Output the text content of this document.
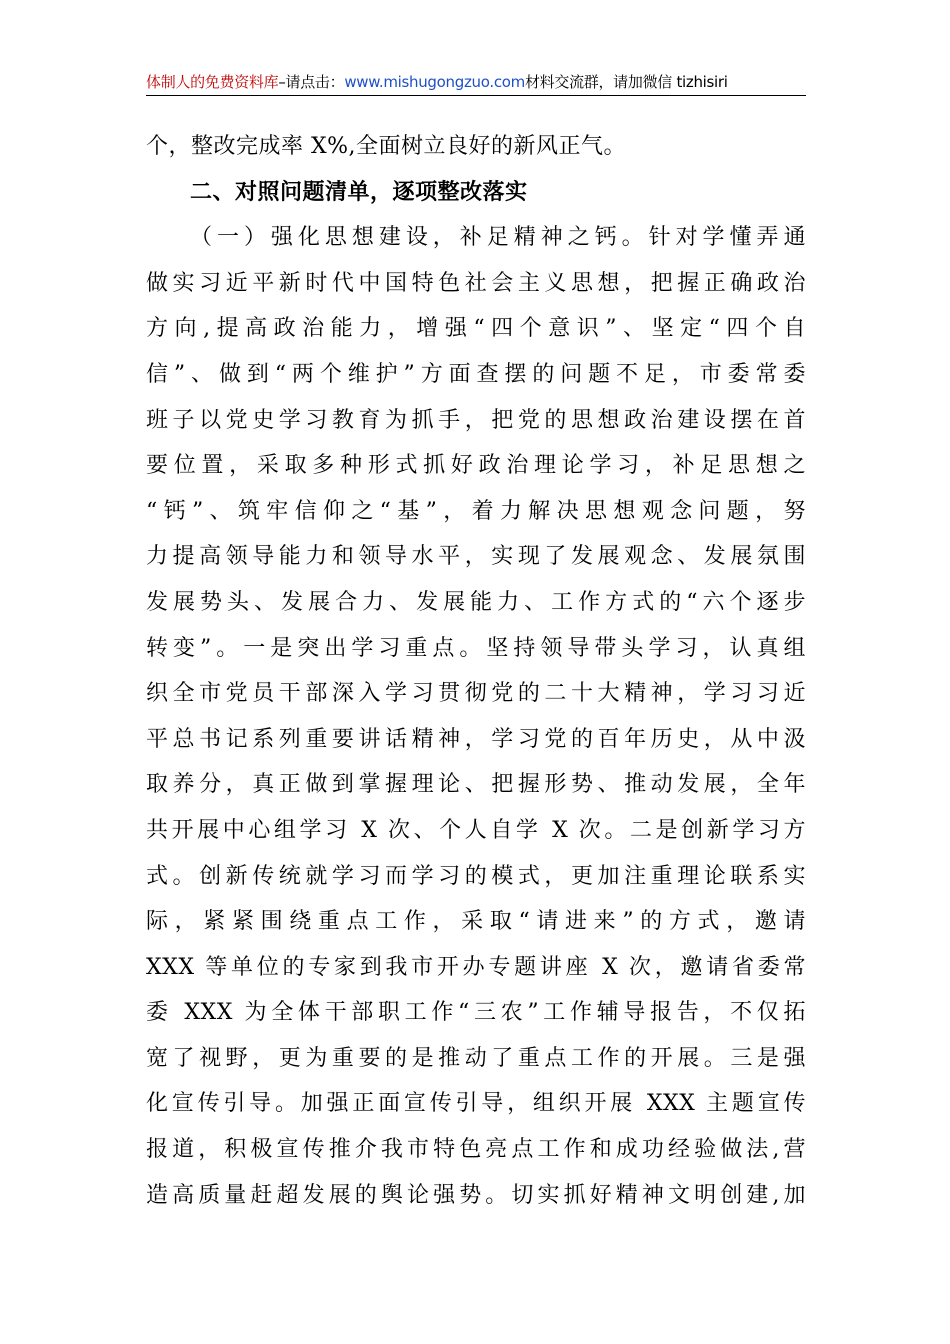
体制人的免费资料库–请点击：www.mishugongzuo.com材料交流群，请加微信 tizhisiri
个，整改完成率 X%,全面树立良好的新风正气。
二、对照问题清单，逐项整改落实
（一）强化思想建设，补足精神之钙。针对学懂弄通
做实习近平新时代中国特色社会主义思想，把握正确政治
方向,提高政治能力，增强“四个意识”、坚定“四个自
信”、做到“两个维护”方面查摆的问题不足，市委常委
班子以党史学习教育为抓手，把党的思想政治建设摆在首
要位置，采取多种形式抓好政治理论学习，补足思想之
“钙”、筑牢信仰之“基”，着力解决思想观念问题，努
力提高领导能力和领导水平，实现了发展观念、发展氛围
发展势头、发展合力、发展能力、工作方式的“六个逐步
转变”。一是突出学习重点。坚持领导带头学习，认真组
织全市党员干部深入学习贯彻党的二十大精神，学习习近
平总书记系列重要讲话精神，学习党的百年历史，从中汲
取养分，真正做到掌握理论、把握形势、推动发展，全年
共开展中心组学习 X 次、个人自学 X 次。二是创新学习方
式。创新传统就学习而学习的模式，更加注重理论联系实
际，紧紧围绕重点工作，采取“请进来”的方式，邀请
XXX 等单位的专家到我市开办专题讲座 X 次，邀请省委常
委 XXX 为全体干部职工作“三农”工作辅导报告，不仅拓
宽了视野，更为重要的是推动了重点工作的开展。三是强
化宣传引导。加强正面宣传引导，组织开展 XXX 主题宣传
报道，积极宣传推介我市特色亮点工作和成功经验做法,营
造高质量赶超发展的舆论强势。切实抓好精神文明创建,加
